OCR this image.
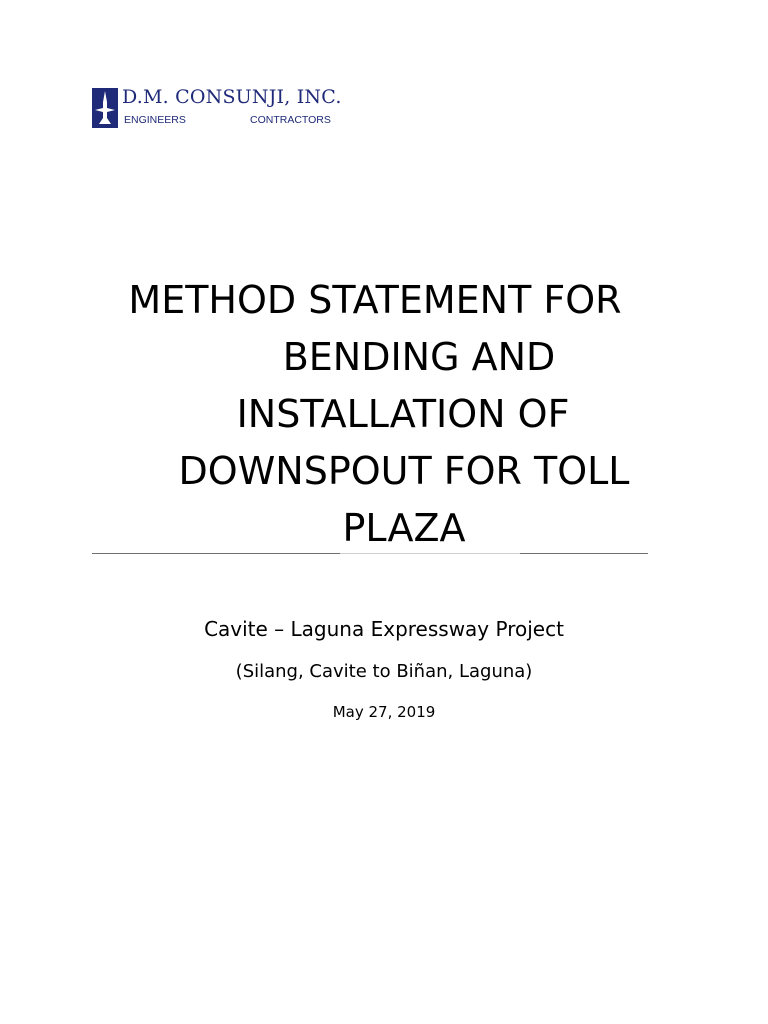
D.M. CONSUNJI, INC.
ENGINEERS	CONTRACTORS
METHOD STATEMENT FOR
BENDING AND
INSTALLATION OF
DOWNSPOUT FOR TOLL
PLAZA
Cavite – Laguna Expressway Project
(Silang, Cavite to Biñan, Laguna)
May 27, 2019
